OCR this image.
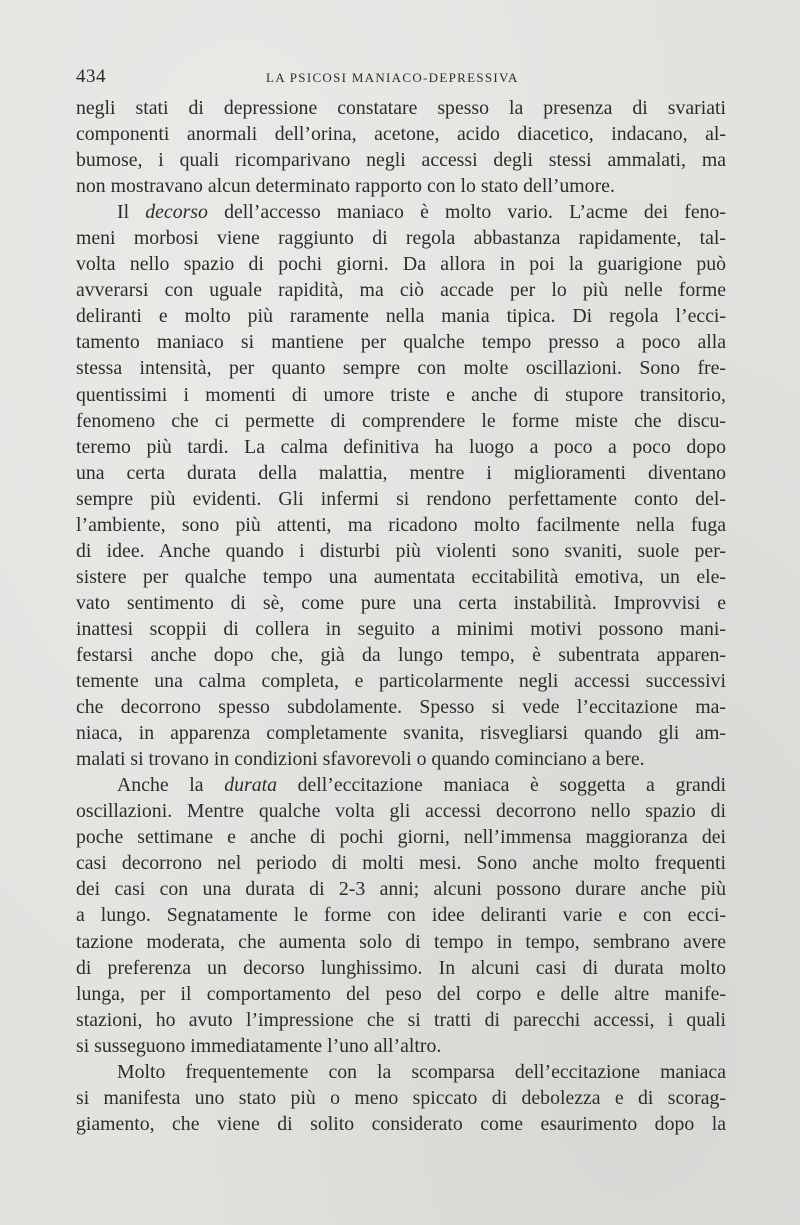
434	LA PSICOSI MANIACO-DEPRESSIVA
negli stati di depressione constatare spesso la presenza di svariati
componenti anormali dell’orina, acetone, acido diacetico, indacano, al-
bumose, i quali ricomparivano negli accessi degli stessi ammalati, ma
non mostravano alcun determinato rapporto con lo stato dell’umore.
Il decorso dell’accesso maniaco è molto vario. L’acme dei feno-
meni morbosi viene raggiunto di regola abbastanza rapidamente, tal-
volta nello spazio di pochi giorni. Da allora in poi la guarigione può
avverarsi con uguale rapidità, ma ciò accade per lo più nelle forme
deliranti e molto più raramente nella mania tipica. Di regola l’ecci-
tamento maniaco si mantiene per qualche tempo presso a poco alla
stessa intensità, per quanto sempre con molte oscillazioni. Sono fre-
quentissimi i momenti di umore triste e anche di stupore transitorio,
fenomeno che ci permette di comprendere le forme miste che discu-
teremo più tardi. La calma definitiva ha luogo a poco a poco dopo
una certa durata della malattia, mentre i miglioramenti diventano
sempre più evidenti. Gli infermi si rendono perfettamente conto del-
l’ambiente, sono più attenti, ma ricadono molto facilmente nella fuga
di idee. Anche quando i disturbi più violenti sono svaniti, suole per-
sistere per qualche tempo una aumentata eccitabilità emotiva, un ele-
vato sentimento di sè, come pure una certa instabilità. Improvvisi e
inattesi scoppii di collera in seguito a minimi motivi possono mani-
festarsi anche dopo che, già da lungo tempo, è subentrata apparen-
temente una calma completa, e particolarmente negli accessi successivi
che decorrono spesso subdolamente. Spesso si vede l’eccitazione ma-
niaca, in apparenza completamente svanita, risvegliarsi quando gli am-
malati si trovano in condizioni sfavorevoli o quando cominciano a bere.
Anche la durata dell’eccitazione maniaca è soggetta a grandi
oscillazioni. Mentre qualche volta gli accessi decorrono nello spazio di
poche settimane e anche di pochi giorni, nell’immensa maggioranza dei
casi decorrono nel periodo di molti mesi. Sono anche molto frequenti
dei casi con una durata di 2-3 anni; alcuni possono durare anche più
a lungo. Segnatamente le forme con idee deliranti varie e con ecci-
tazione moderata, che aumenta solo di tempo in tempo, sembrano avere
di preferenza un decorso lunghissimo. In alcuni casi di durata molto
lunga, per il comportamento del peso del corpo e delle altre manife-
stazioni, ho avuto l’impressione che si tratti di parecchi accessi, i quali
si susseguono immediatamente l’uno all’altro.
Molto frequentemente con la scomparsa dell’eccitazione maniaca
si manifesta uno stato più o meno spiccato di debolezza e di scorag-
giamento, che viene di solito considerato come esaurimento dopo la
